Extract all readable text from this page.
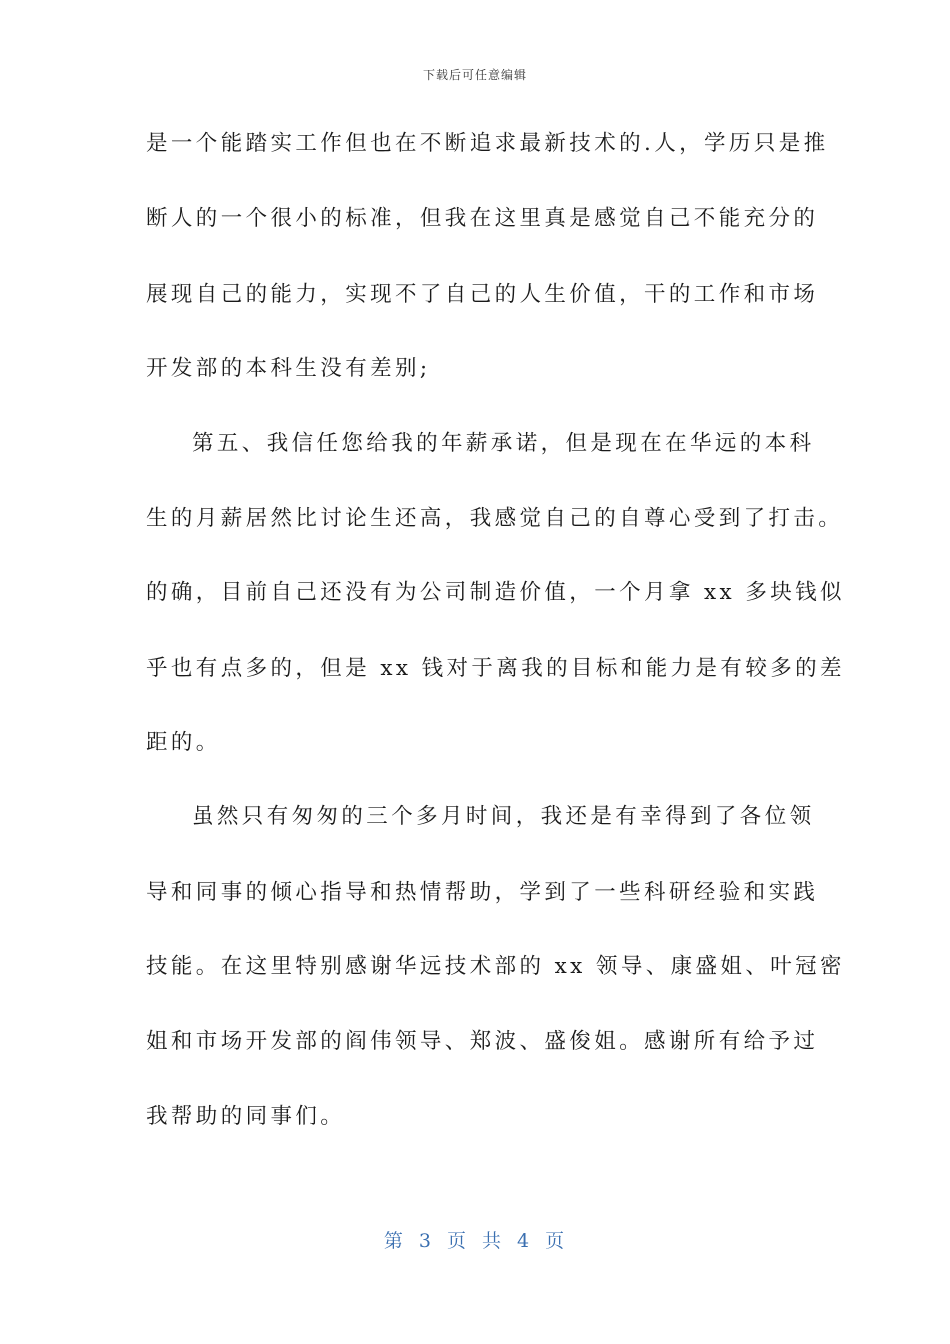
下载后可任意编辑
是一个能踏实工作但也在不断追求最新技术的.人，学历只是推
断人的一个很小的标准，但我在这里真是感觉自己不能充分的
展现自己的能力，实现不了自己的人生价值，干的工作和市场
开发部的本科生没有差别;
第五、我信任您给我的年薪承诺，但是现在在华远的本科
生的月薪居然比讨论生还高，我感觉自己的自尊心受到了打击。
的确，目前自己还没有为公司制造价值，一个月拿 xx 多块钱似
乎也有点多的，但是 xx 钱对于离我的目标和能力是有较多的差
距的。
虽然只有匆匆的三个多月时间，我还是有幸得到了各位领
导和同事的倾心指导和热情帮助，学到了一些科研经验和实践
技能。在这里特别感谢华远技术部的 xx 领导、康盛姐、叶冠密
姐和市场开发部的阎伟领导、郑波、盛俊姐。感谢所有给予过
我帮助的同事们。
第 3 页 共 4 页
